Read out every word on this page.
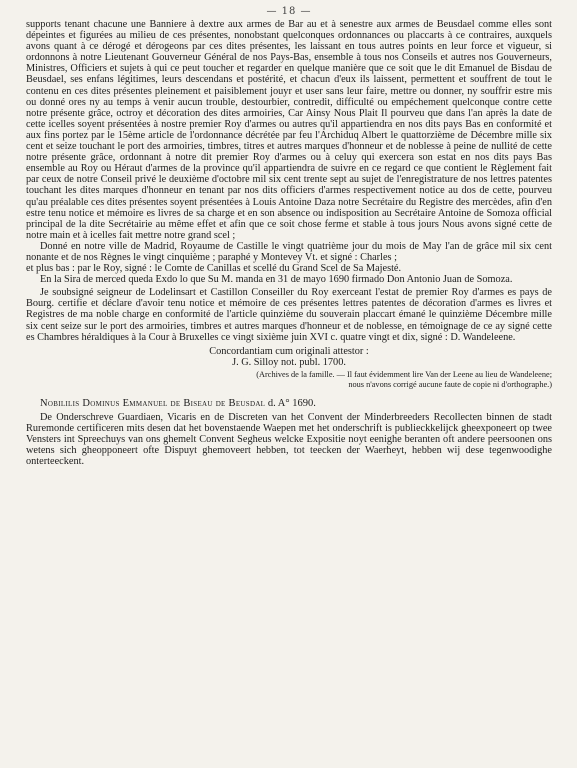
— 18 —

supports tenant chacune une Banniere à dextre aux armes de Bar au et à senestre aux armes de Beusdael comme elles sont dépeintes et figurées au milieu de ces présentes, nonobstant quelconques ordonnances ou placcarts à ce contraires, auxquels avons quant à ce dérogé et dérogeons par ces dites présentes, les laissant en tous autres points en leur force et vigueur, si ordonnons à notre Lieutenant Gouverneur Général de nos Pays-Bas, ensemble à tous nos Conseils et autres nos Gouverneurs, Ministres, Officiers et sujets à qui ce peut toucher et regarder en quelque manière que ce soit que le dit Emanuel de Bisdau de Beusdael, ses enfans légitimes, leurs descendans et postérité, et chacun d'eux ils laissent, permettent et souffrent de tout le contenu en ces dites présentes pleinement et paisiblement jouyr et user sans leur faire, mettre ou donner, ny souffrir estre mis ou donné ores ny au temps à venir aucun trouble, destourbier, contredit, difficulté ou empéchement quelconque contre cette notre présente grâce, octroy et décoration des dites armoiries, Car Ainsy Nous Plait Il pourveu que dans l'an après la date de cette icelles soyent présentées à nostre premier Roy d'armes ou autres qu'il appartiendra en nos dits pays Bas en conformité et aux fins portez par le 15ème article de l'ordonnance décrétée par feu l'Archiduq Albert le quattorzième de Décembre mille six cent et seize touchant le port des armoiries, timbres, titres et autres marques d'honneur et de noblesse à peine de nullité de cette notre présente grâce, ordonnant à notre dit premier Roy d'armes ou à celuy qui exercera son estat en nos dits pays Bas ensemble au Roy ou Héraut d'armes de la province qu'il appartiendra de suivre en ce regard ce que contient le Règlement fait par ceux de notre Conseil privé le deuxième d'octobre mil six cent trente sept au sujet de l'enregistrature de nos lettres patentes touchant les dites marques d'honneur en tenant par nos dits officiers d'armes respectivement notice au dos de cette, pourveu qu'au préalable ces dites présentes soyent présentées à Louis Antoine Daza notre Secrétaire du Registre des mercèdes, afin d'en estre tenu notice et mémoire es livres de sa charge et en son absence ou indisposition au Secrétaire Antoine de Somoza official principal de la dite Secrétairie au même effet et afin que ce soit chose ferme et stable à tous jours Nous avons signé cette de notre main et à icelles fait mettre notre grand scel ;

Donné en notre ville de Madrid, Royaume de Castille le vingt quatrième jour du mois de May l'an de grâce mil six cent nonante et de nos Règnes le vingt cinquième ; paraphé y Montevey Vt. et signé : Charles ;

et plus bas : par le Roy, signé : le Comte de Canillas et scellé du Grand Scel de Sa Majesté.

En la Sira de merced queda Exdo lo que Su M. manda en 31 de mayo 1690 firmado Don Antonio Juan de Somoza.

Je soubsigné seigneur de Lodelinsart et Castillon Conseiller du Roy exerceant l'estat de premier Roy d'armes es pays de Bourg. certifie et déclare d'avoir tenu notice et mémoire de ces présentes lettres patentes de décoration d'armes es livres et Registres de ma noble charge en conformité de l'article quinzième du souverain placcart émané le quinzième Décembre mille six cent seize sur le port des armoiries, timbres et autres marques d'honneur et de noblesse, en témoignage de ce ay signé cette es Chambres héraldiques à la Cour à Bruxelles ce vingt sixième juin XVI c. quatre vingt et dix, signé : D. Wandeleene.

Concordantiam cum originali attestor :
J. G. Silloy not. publ. 1700.
(Archives de la famille. — Il faut évidemment lire Van der Leene au lieu de Wandeleene;
nous n'avons corrigé aucune faute de copie ni d'orthographe.)
Nobililis Dominus Emmanuel de Biseau de Beusdal d. A° 1690.

De Onderschreve Guardiaen, Vicaris en de Discreten van het Convent der Minderbreeders Recollecten binnen de stadt Ruremonde certificeren mits desen dat het bovenstaende Waepen met het onderschrift is publieckkelijck gheexponeert op twee Vensters int Spreechuys van ons ghemelt Convent Segheus welcke Expositie noyt eenighe beranten oft andere peersoonen ons wetens sich gheopponeert ofte Dispuyt ghemoveert hebben, tot teecken der Waerheyt, hebben wij dese tegenwoodighe onterteeckent.
